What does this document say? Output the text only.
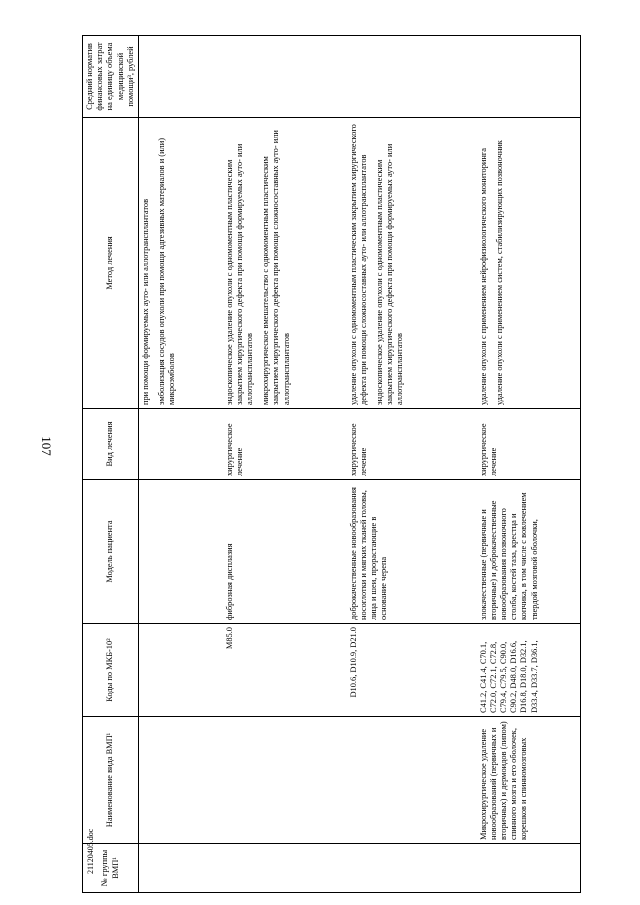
107
21120405.doc № группы ВМП¹	Наименование вида ВМП¹	Коды по МКБ-10²	Модель пациента	Вид лечения	Метод лечения	Средний норматив финансовых затрат на единицу объема медицинской помощи³, рублей

					при помощи формируемых ауто- или аллотрансплантатов эмболизация сосудов опухоли при помощи адгезивных материалов и (или) микроэмболов	

		M85.0	фиброзная дисплазия	хирургическое лечение	эндоскопическое удаление опухоли с одномоментным пластическим закрытием хирургического дефекта при помощи формируемых ауто- или аллотрансплантатов микрохирургическое вмешательство с одномоментным пластическим закрытием хирургического дефекта при помощи сложносоставных ауто- или аллотрансплантатов	

		D10.6, D10.9, D21.0	доброкачественные новообразования носоглотки и мягких тканей головы, лица и шеи, прорастающие в основание черепа	хирургическое лечение	удаление опухоли с одномоментным пластическим закрытием хирургического дефекта при помощи сложносоставных ауто- или аллотрансплантатов эндоскопическое удаление опухоли с одномоментным пластическим закрытием хирургического дефекта при помощи формируемых ауто- или аллотрансплантатов	

	Микрохирургическое удаление новообразований (первичных и вторичных) и дермоидов (липом) спинного мозга и его оболочек, корешков и спинномозговых	C41.2, C41.4, C70.1, C72.0, C72.1, C72.8, C79.4, C79.5, C90.0, C90.2, D48.0, D16.6, D16.8, D18.0, D32.1, D33.4, D33.7, D36.1,	злокачественные (первичные и вторичные) и доброкачественные новообразования позвоночного столба, костей таза, крестца и копчика, в том числе с вовлечением твердой мозговой оболочки,	хирургическое лечение	удаление опухоли с применением нейрофизиологического мониторинга удаление опухоли с применением систем, стабилизирующих позвоночник	
